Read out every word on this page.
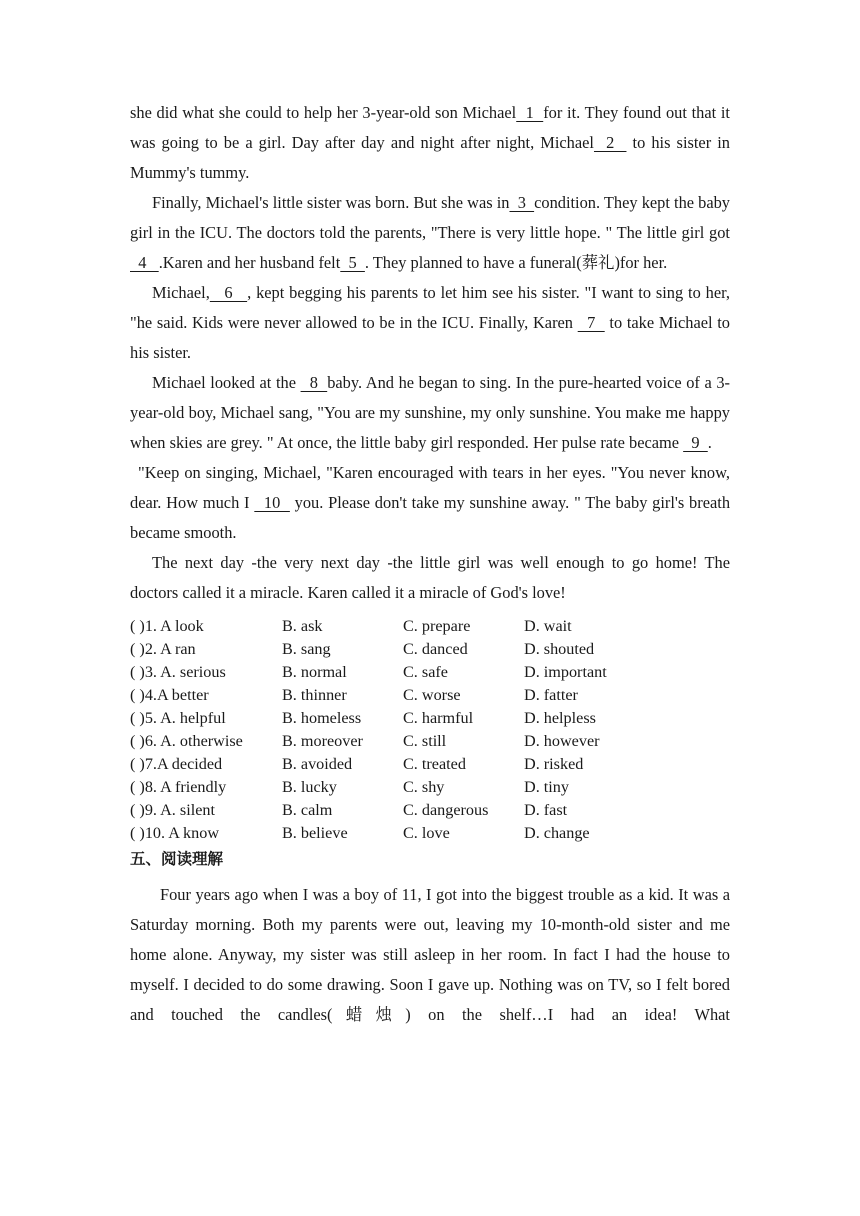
she did what she could to help her 3-year-old son Michael  1  for it. They found out that it was going to be a girl. Day after day and night after night, Michael  2   to his sister in Mummy's tummy.

Finally, Michael's little sister was born. But she was in  3  condition. They kept the baby girl in the ICU. The doctors told the parents, "There is very little hope. " The little girl got  4   .Karen and her husband felt  5  . They planned to have a funeral(葬礼)for her.

Michael,   6   , kept begging his parents to let him see his sister. "I want to sing to her, "he said. Kids were never allowed to be in the ICU. Finally, Karen   7   to take Michael to his sister.

Michael looked at the   8  baby. And he began to sing. In the pure-hearted voice of a 3-year-old boy, Michael sang, "You are my sunshine, my only sunshine. You make me happy when skies are grey. " At once, the little baby girl responded. Her pulse rate became   9  .

"Keep on singing, Michael, "Karen encouraged with tears in her eyes. "You never know, dear. How much I   10   you. Please don't take my sunshine away. " The baby girl's breath became smooth.

The next day -the very next day -the little girl was well enough to go home! The doctors called it a miracle. Karen called it a miracle of God's love!

( )1. A look	B. ask	C. prepare	D. wait
( )2. A ran	B. sang	C. danced	D. shouted
( )3. A. serious	B. normal	C. safe	D. important
( )4.A better	B. thinner	C. worse	D. fatter
( )5. A. helpful	B. homeless	C. harmful	D. helpless
( )6. A. otherwise	B. moreover	C. still	D. however
( )7.A decided	B. avoided	C. treated	D. risked
( )8. A friendly	B. lucky	C. shy	D. tiny
( )9. A. silent	B. calm	C. dangerous	D. fast
( )10. A know	B. believe	C. love	D. change
五、阅读理解

Four years ago when I was a boy of 11, I got into the biggest trouble as a kid. It was a Saturday morning. Both my parents were out, leaving my 10-month-old sister and me home alone. Anyway, my sister was still asleep in her room. In fact I had the house to myself. I decided to do some drawing. Soon I gave up. Nothing was on TV, so I felt bored and touched the candles(蜡烛) on the shelf…I had an idea! What
